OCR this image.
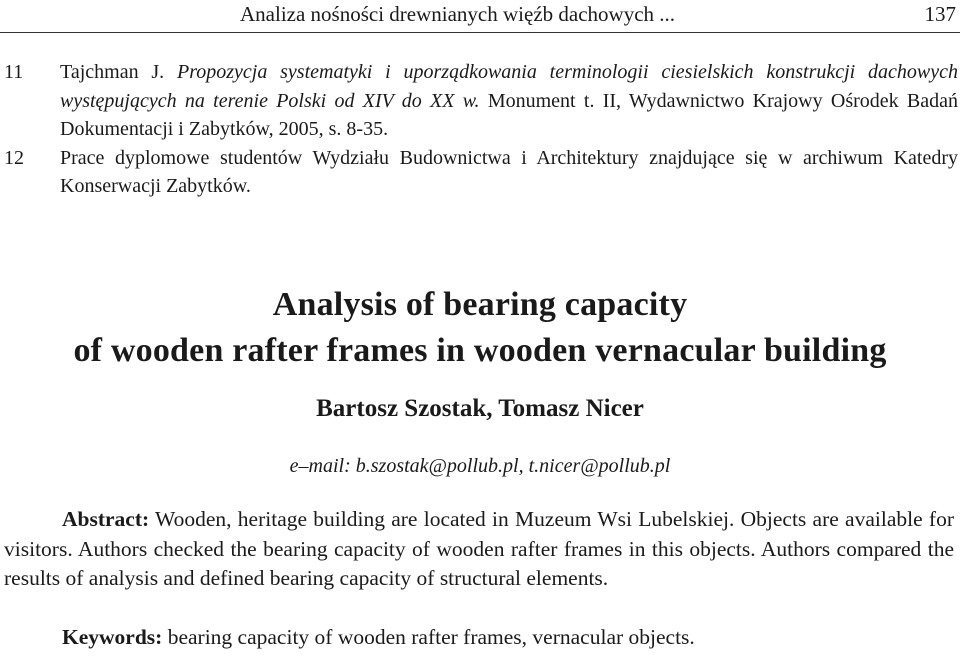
Analiza nośności drewnianych więźb dachowych ...	137
11 Tajchman J. Propozycja systematyki i uporządkowania terminologii ciesielskich konstrukcji dachowych występujących na terenie Polski od XIV do XX w. Monument t. II, Wydawnictwo Krajowy Ośrodek Badań Dokumentacji i Zabytków, 2005, s. 8-35.
12 Prace dyplomowe studentów Wydziału Budownictwa i Architektury znajdujące się w archiwum Katedry Konserwacji Zabytków.
Analysis of bearing capacity
of wooden rafter frames in wooden vernacular building
Bartosz Szostak, Tomasz Nicer
e–mail: b.szostak@pollub.pl, t.nicer@pollub.pl
Abstract: Wooden, heritage building are located in Muzeum Wsi Lubelskiej. Objects are available for visitors. Authors checked the bearing capacity of wooden rafter frames in this objects. Authors compared the results of analysis and defined bearing capacity of structural elements.
Keywords: bearing capacity of wooden rafter frames, vernacular objects.
